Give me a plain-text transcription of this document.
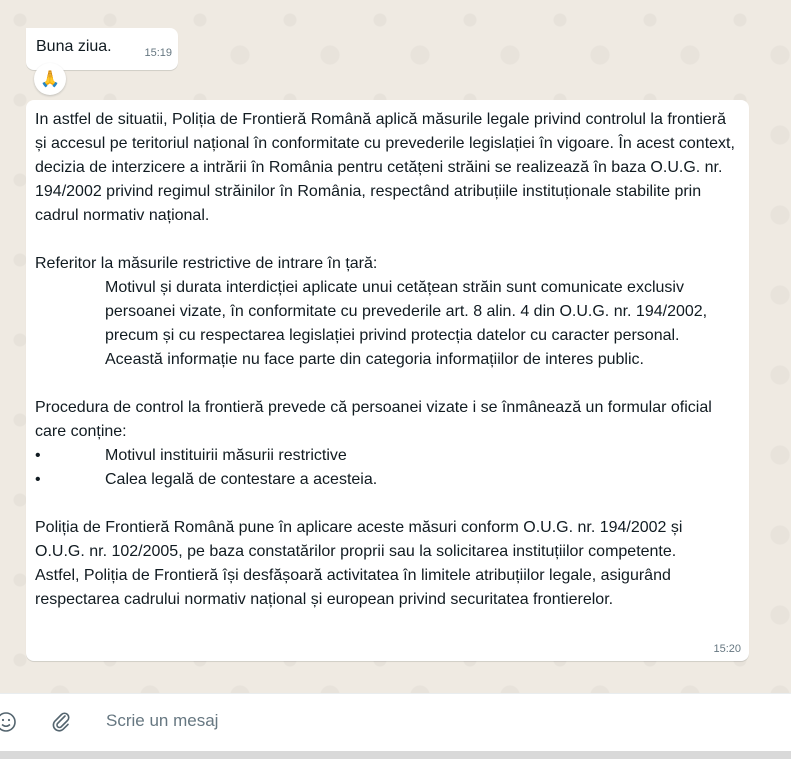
Buna ziua.	15:19
🙏

In astfel de situatii, Poliția de Frontieră Română aplică măsurile legale privind controlul la frontieră și accesul pe teritoriul național în conformitate cu prevederile legislației în vigoare. În acest context, decizia de interzicere a intrării în România pentru cetățeni străini se realizează în baza O.U.G. nr. 194/2002 privind regimul străinilor în România, respectând atribuțiile instituționale stabilite prin cadrul normativ național.

Referitor la măsurile restrictive de intrare în țară:

Motivul și durata interdicției aplicate unui cetățean străin sunt comunicate exclusiv persoanei vizate, în conformitate cu prevederile art. 8 alin. 4 din O.U.G. nr. 194/2002, precum și cu respectarea legislației privind protecția datelor cu caracter personal.

Această informație nu face parte din categoria informațiilor de interes public.

Procedura de control la frontieră prevede că persoanei vizate i se înmânează un formular oficial care conține:

•	Motivul instituirii măsurii restrictive
•	Calea legală de contestare a acesteia.

Poliția de Frontieră Română pune în aplicare aceste măsuri conform O.U.G. nr. 194/2002 și O.U.G. nr. 102/2005, pe baza constatărilor proprii sau la solicitarea instituțiilor competente.

Astfel, Poliția de Frontieră își desfășoară activitatea în limitele atribuțiilor legale, asigurând respectarea cadrului normativ național și european privind securitatea frontierelor.

15:20
Scrie un mesaj
